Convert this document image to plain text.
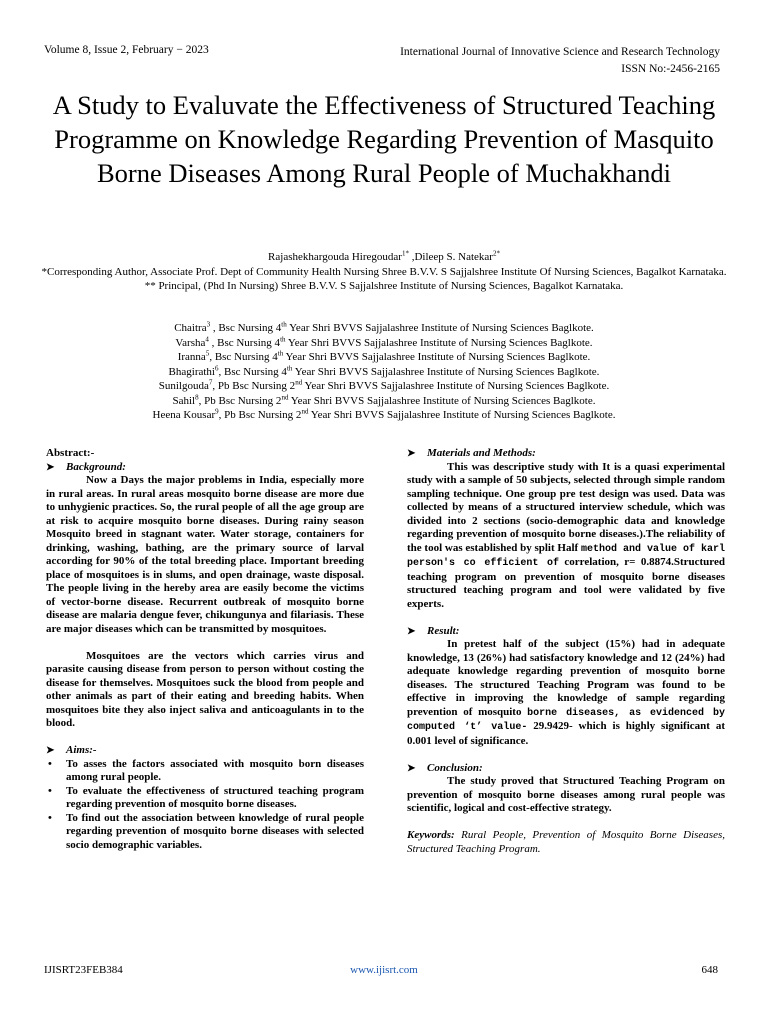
Volume 8, Issue 2, February − 2023	International Journal of Innovative Science and Research Technology
ISSN No:-2456-2165
A Study to Evaluvate the Effectiveness of Structured Teaching Programme on Knowledge Regarding Prevention of Masquito Borne Diseases Among Rural People of Muchakhandi
Rajashekhargouda Hiregoudar$^{1*}$ ,Dileep S. Natekar$^{2*}$
*Corresponding Author, Associate Prof. Dept of Community Health Nursing Shree B.V.V. S Sajjalshree Institute Of Nursing Sciences, Bagalkot Karnataka.
** Principal, (Phd In Nursing) Shree B.V.V. S Sajjalshree Institute of Nursing Sciences, Bagalkot Karnataka.
Chaitra$^3$ , Bsc Nursing 4th Year Shri BVVS Sajjalashree Institute of Nursing Sciences Baglkote.
Varsha$^4$ , Bsc Nursing 4th Year Shri BVVS Sajjalashree Institute of Nursing Sciences Baglkote.
Iranna$^5$, Bsc Nursing 4th Year Shri BVVS Sajjalashree Institute of Nursing Sciences Baglkote.
Bhagirathi$^6$, Bsc Nursing 4th Year Shri BVVS Sajjalashree Institute of Nursing Sciences Baglkote.
Sunilgouda$^7$, Pb Bsc Nursing 2nd Year Shri BVVS Sajjalashree Institute of Nursing Sciences Baglkote.
Sahil$^8$, Pb Bsc Nursing 2nd Year Shri BVVS Sajjalashree Institute of Nursing Sciences Baglkote.
Heena Kousar$^9$, Pb Bsc Nursing 2nd Year Shri BVVS Sajjalashree Institute of Nursing Sciences Baglkote.
Abstract:-
➤	Background:

Now a Days the major problems in India, especially more in rural areas. In rural areas mosquito borne disease are more due to unhygienic practices. So, the rural people of all the age group are at risk to acquire mosquito borne diseases. During rainy season Mosquito breed in stagnant water. Water storage, containers for drinking, washing, bathing, are the primary source of larval according for 90% of the total breeding place. Important breeding place of mosquitoes is in slums, and open drainage, waste disposal. The people living in the hereby area are easily become the victims of vector-borne disease. Recurrent outbreak of mosquito borne disease are malaria dengue fever, chikungunya and filariasis. These are major diseases which can be transmitted by mosquitoes.

Mosquitoes are the vectors which carries virus and parasite causing disease from person to person without costing the disease for themselves. Mosquitoes suck the blood from people and other animals as part of their eating and breeding habits. When mosquitoes bite they also inject saliva and anticoagulants in to the blood.

➤	Aims:-
• To asses the factors associated with mosquito born diseases among rural people.
• To evaluate the effectiveness of structured teaching program regarding prevention of mosquito borne diseases.
• To find out the association between knowledge of rural people regarding prevention of mosquito borne diseases with selected socio demographic variables.
➤	Materials and Methods:

This was descriptive study with It is a quasi experimental study with a sample of 50 subjects, selected through simple random sampling technique. One group pre test design was used. Data was collected by means of a structured interview schedule, which was divided into 2 sections (socio-demographic data and knowledge regarding prevention of mosquito borne diseases.).The reliability of the tool was established by split Half method and value of karl person's co efficient of correlation, r= 0.8874.Structured teaching program on prevention of mosquito borne diseases structured teaching program and tool were validated by five experts.

➤	Result:

In pretest half of the subject (15%) had in adequate knowledge, 13 (26%) had satisfactory knowledge and 12 (24%) had adequate knowledge regarding prevention of mosquito borne diseases. The structured Teaching Program was found to be effective in improving the knowledge of sample regarding prevention of mosquito borne diseases, as evidenced by computed ‘t’ value- 29.9429- which is highly significant at 0.001 level of significance.

➤	Conclusion:

The study proved that Structured Teaching Program on prevention of mosquito borne diseases among rural people was scientific, logical and cost-effective strategy.

Keywords: Rural People, Prevention of Mosquito Borne Diseases, Structured Teaching Program.

IJISRT23FEB384	www.ijisrt.com	648
